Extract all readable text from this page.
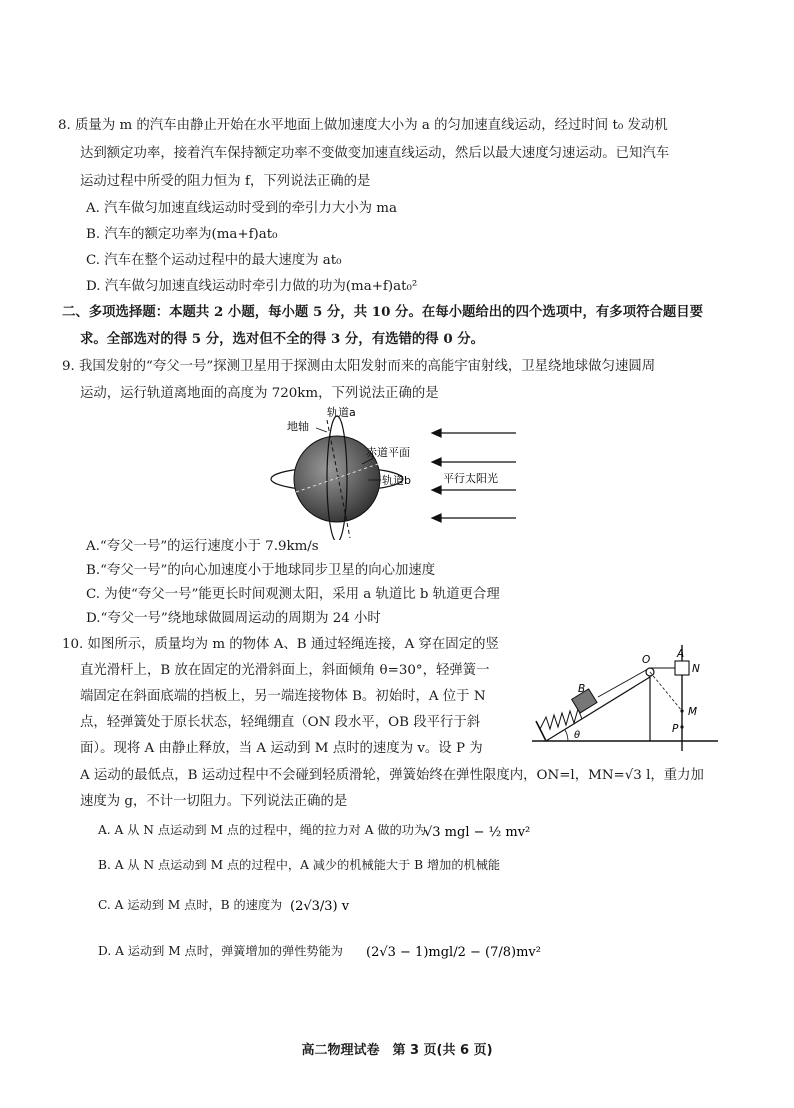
8. 质量为 m 的汽车由静止开始在水平地面上做加速度大小为 a 的匀加速直线运动，经过时间 t₀ 发动机
达到额定功率，接着汽车保持额定功率不变做变加速直线运动，然后以最大速度匀速运动。已知汽车
运动过程中所受的阻力恒为 f，下列说法正确的是
A. 汽车做匀加速直线运动时受到的牵引力大小为 ma
B. 汽车的额定功率为(ma+f)at₀
C. 汽车在整个运动过程中的最大速度为 at₀
D. 汽车做匀加速直线运动时牵引力做的功为(ma+f)at₀²
二、多项选择题：本题共 2 小题，每小题 5 分，共 10 分。在每小题给出的四个选项中，有多项符合题目要
求。全部选对的得 5 分，选对但不全的得 3 分，有选错的得 0 分。
9. 我国发射的“夸父一号”探测卫星用于探测由太阳发射而来的高能宇宙射线，卫星绕地球做匀速圆周
运动，运行轨道离地面的高度为 720km，下列说法正确的是
地轴
轨道a
赤道平面
轨道b	平行太阳光
A.“夸父一号”的运行速度小于 7.9km/s
B.“夸父一号”的向心加速度小于地球同步卫星的向心加速度
C. 为使“夸父一号”能更长时间观测太阳，采用 a 轨道比 b 轨道更合理
D.“夸父一号”绕地球做圆周运动的周期为 24 小时
10. 如图所示，质量均为 m 的物体 A、B 通过轻绳连接，A 穿在固定的竖
直光滑杆上，B 放在固定的光滑斜面上，斜面倾角 θ=30°，轻弹簧一
端固定在斜面底端的挡板上，另一端连接物体 B。初始时，A 位于 N
点，轻弹簧处于原长状态，轻绳绷直（ON 段水平，OB 段平行于斜
面）。现将 A 由静止释放，当 A 运动到 M 点时的速度为 v。设 P 为
A 运动的最低点，B 运动过程中不会碰到轻质滑轮，弹簧始终在弹性限度内，ON=l，MN=√3 l，重力加
速度为 g，不计一切阻力。下列说法正确的是
O	A
N
B
M
P
θ
A. A 从 N 点运动到 M 点的过程中，绳的拉力对 A 做的功为
√3 mgl − ½ mv²
B. A 从 N 点运动到 M 点的过程中，A 减少的机械能大于 B 增加的机械能
C. A 运动到 M 点时，B 的速度为 (2√3/3) v
D. A 运动到 M 点时，弹簧增加的弹性势能为 (2√3 − 1)mgl/2 − (7/8)mv²
高二物理试卷　第 3 页(共 6 页)
